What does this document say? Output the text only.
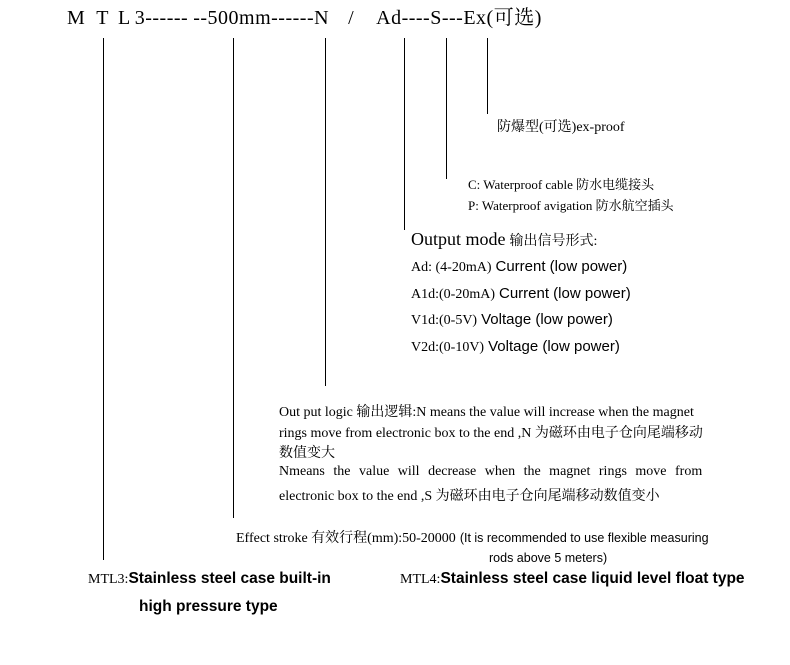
M T L 3------ --500mm------N / Ad----S---Ex(可选)
防爆型(可选)ex-proof
C: Waterproof cable 防水电缆接头
P: Waterproof avigation 防水航空插头
Output mode 输出信号形式:
Ad: (4-20mA) Current (low power)
A1d:(0-20mA) Current (low power)
V1d:(0-5V) Voltage (low power)
V2d:(0-10V) Voltage (low power)
Out put logic 输出逻辑:N means the value will increase when the magnet
rings move from electronic box to the end ,N 为磁环由电子仓向尾端移动
数值变大
Nmeans the value will decrease when the magnet rings move from
electronic box to the end ,S 为磁环由电子仓向尾端移动数值变小
Effect stroke 有效行程(mm):50-20000 (It is recommended to use flexible measuring
rods above 5 meters)
MTL3:Stainless steel case built-in
high pressure type
MTL4:Stainless steel case liquid level float type
